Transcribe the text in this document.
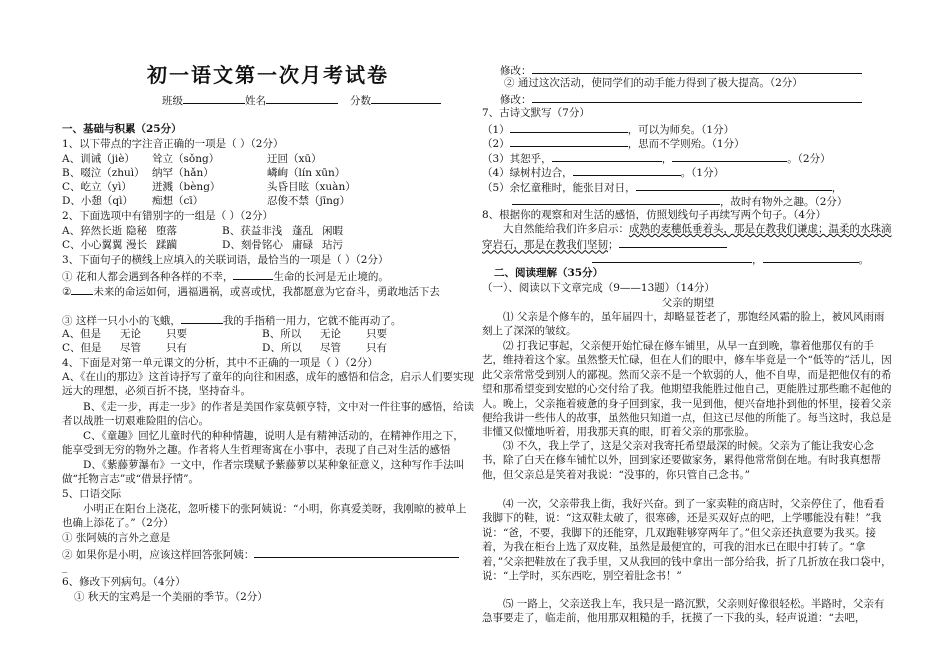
初一语文第一次月考试卷
班级	姓名	分数
一、基础与积累（25分）
1、以下带点的字注音正确的一项是（ ）（2分）
A、训诫（jiè） 耸立（sǒng）	迂回（xū）
B、啜泣（zhuì） 纳罕（hǎn）	嶙峋（lín xūn）
C、屹立（yì） 迸溅（bèng）	头昏目眩（xuàn）
D、小憩（qì） 痴想（cī）	忍俊不禁（jīng）
2、下面选项中有错别字的一组是（ ）（2分）
A、猝然长逝 隐秘 堕落	B、获益非浅 蓬乱 闲暇
C、小心翼翼 漫长 蹂躏	D、刻骨铭心 庸碌 玷污
3、下面句子的横线上应填入的关联词语，最恰当的一项是（ ）（2分）
① 花和人都会遇到各种各样的不幸，	生命的长河是无止境的。
② 未来的命运如何，遇福遇祸，或喜或忧，我都愿意为它奋斗，勇敢地活下去
③ 这样一只小小的飞蛾，	我的手指稍一用力，它就不能再动了。
A、但是 无论 只要	B、所以 无论 只要
C、但是 尽管 只有	D、所以 尽管 只有
4、下面是对第一单元课文的分析，其中不正确的一项是（ ）（2分）
A、《在山的那边》这首诗抒写了童年的向往和困惑，成年的感悟和信念，启示人们要实现远大的理想，必须百折不挠，坚持奋斗。
B、《走一步，再走一步》的作者是美国作家莫顿亨特，文中对一件往事的感悟，给读者以战胜一切艰难险阻的信心。
C、《童趣》回忆儿童时代的种种情趣，说明人是有精神活动的，在精神作用之下，能享受到无穷的物外之趣。作者将人生哲理寄寓在小事中，表现了自己对生活的感悟
D、《紫藤萝瀑布》一文中，作者宗璞赋予紫藤萝以某种象征意义，这种写作手法叫做“托物言志”或“借景抒情”。
5、口语交际
小明正在阳台上浇花，忽听楼下的张阿姨说：“小明，你真爱美呀，我刚晾的被单上也确上添花了。”（2分）
① 张阿姨的言外之意是
② 如果你是小明，应该这样回答张阿姨：
_
6、修改下列病句。（4分）
① 秋天的宝鸡是一个美丽的季节。（2分）
修改：
② 通过这次活动，使同学们的动手能力得到了极大提高。（2分）
修改：
7、古诗文默写（7分）
（1）	，可以为师矣。（1分）
（2）	，思而不学则殆。（1分）
（3）其恕乎，	，	。（2分）
（4）绿树村边合，	。（1分）
（5）余忆童稚时，能张目对日，	，
，故时有物外之趣。（2分）
8、根据你的观察和对生活的感悟，仿照划线句子再续写两个句子。（4分）
大自然能给我们许多启示：成熟的麦穗低垂着头，那是在教我们谦虚；温柔的水珠滴穿岩石，那是在教我们坚韧；
，	。
二、阅读理解（35分）
（一）、阅读以下文章完成（9——13题）（14分）
父亲的期望
⑴ 父亲是个修车的，虽年届四十，却略显苍老了，那饱经风霜的脸上，被风风雨雨刻上了深深的皱纹。
⑵ 打我记事起，父亲便开始忙碌在修车铺里，从早一直到晚，靠着他那仅有的手艺，维持着这个家。虽然整天忙碌，但在人们的眼中，修车毕竟是一个“低等的”活儿，因此父亲常常受到别人的鄙视。然而父亲不是一个软弱的人，他不自卑，而是把他仅有的希望和那希望变到安慰的心交付给了我。他期望我能胜过他自己，更能胜过那些瞧不起他的人。晚上，父亲拖着疲惫的身子回到家，我一见到他，便兴奋地扑到他的怀里，接着父亲便给我讲一些伟人的故事，虽然他只知道一点，但这已尽他的所能了。每当这时，我总是非懂又似懂地听着，用我那天真的眼，盯着父亲的那张脸。
⑶ 不久，我上学了，这是父亲对我寄托希望最深的时候。父亲为了能让我安心念书，除了白天在修车铺忙以外，回到家还要做家务，累得他常常倒在地。有时我真想帮他，但父亲总是笑着对我说：“没事的，你只管自己念书。”
⑷ 一次，父亲带我上街，我好兴奋。到了一家卖鞋的商店时，父亲停住了，他看看我脚下的鞋，说：“这双鞋太破了，很寒碜，还是买双好点的吧，上学哪能没有鞋！”我说：“爸，不要，我脚下的还能穿，几双跑鞋够穿两年了。”但父亲还执意要为我买。接着，为我在柜台上选了双皮鞋，虽然是最便宜的，可我的泪水已在眼中打转了。“拿着，”父亲把鞋放在了我手里，又从我回的钱中拿出一部分给我，折了几折放在我口袋中，说：“上学时，买东西吃，别空着肚念书！”
⑸ 一路上，父亲送我上车，我只是一路沉默，父亲则好像很轻松。半路时，父亲有急事要走了，临走前，他用那双粗糙的手，抚摸了一下我的头，轻声说道：“去吧，
